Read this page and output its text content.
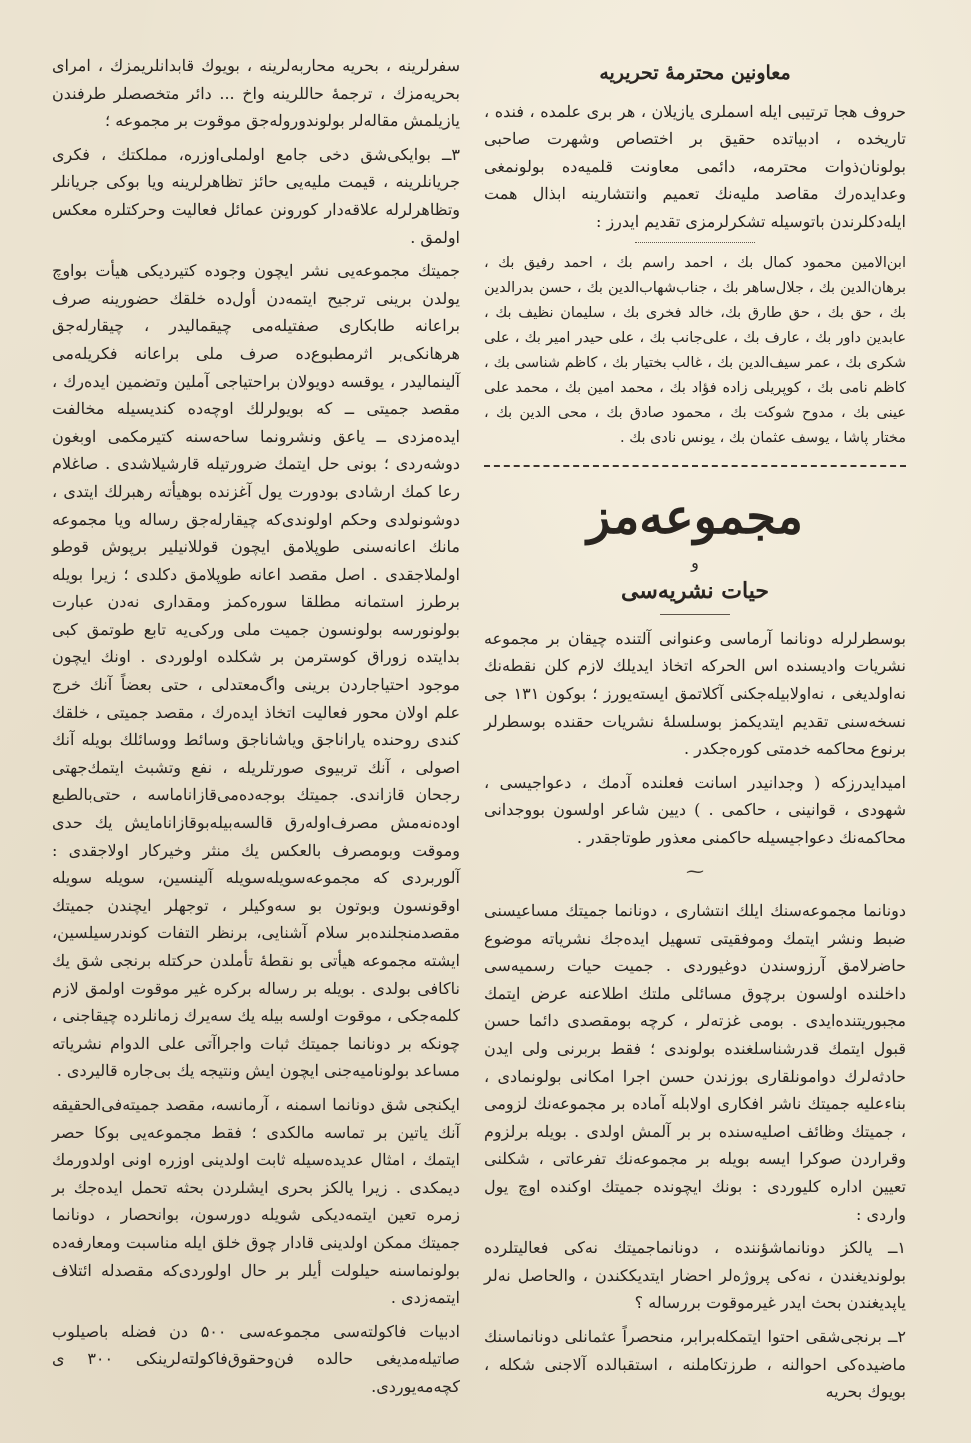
سفرلرینه ، بحریه محاربه‌لرینه ، بویوك قابدانلریمزك ، امرای بحریه‌مزك ، ترجمهٔ حاللرینه واخ ... دائر متخصصلر طرفندن یازیلمش مقاله‌لر بولوندوروله‌جق موقوت بر مجموعه ؛

۳ــ بوایکی‌شق دخی جامع اولملی‌اوزره، مملکتك ، فکری جریانلرینه ، قیمت ملیه‌یی حائز تظاهرلرینه ویا بوکی جریانلر وتظاهرلرله علاقه‌دار کورونن عمائل فعالیت وحرکتلره معکس اولمق .

جمیتك مجموعه‌یی نشر ایچون وجوده کتیردیکی هیأت بواوچ یولدن برینی ترجیح ایتمه‌دن أول‌ده خلقك حضورینه صرف براعانه طابکاری صفتیله‌می چیقمالیدر ، چیقارله‌جق هرهانکی‌بر اثرمطبوع‌ده صرف ملی براعانه فکریله‌می آلینمالیدر ، یوقسه دویولان براحتیاجی آملین وتضمین ایده‌رك ، مقصد جمیتی ــ که بویولرلك اوچه‌ده کندیسیله مخالفت ایده‌مزدی ــ یاعق ونشرونما ساحه‌سنه کتیرمکمی اوبغون دوشه‌ردی ؛ بونی حل ایتمك ضرورتیله قارشیلاشدی . صاغلام رعا کمك ارشادی بودورت یول آغزنده بوهیأته رهبرلك ایتدی ، دوشونولدی وحکم اولوندی‌که چیقارله‌جق رساله ویا مجموعه مانك اعانه‌سنی طوپلامق ایچون قوللانیلیر برپوش قوطو اولملاجقدی . اصل مقصد اعانه طوپلامق دکلدی ؛ زیرا بویله برطرز استمانه مطلقا سوره‌کمز ومقداری نه‌دن عبارت بولونورسه بولونسون جمیت ملی ورکی‌یه تابع طوتمق کبی بدایتده زوراق کوسترمن بر شکلده اولوردی . اونك ایچون موجود احتیاجاردن برینی واگ‌معتدلی ، حتی بعضاً آنك خرج علم اولان محور فعالیت اتخاذ ایده‌رك ، مقصد جمیتی ، خلقك کندی روحنده یارانا‌جق ویاشاناجق وسائط ووسائلك بویله آنك اصولی ، آنك تربیوی صورتلریله ، نفع وتشبث ایتمك‌جهتی رجحان قازاندی. جمیتك بوجه‌ده‌می‌قازاناماسه ، حتی‌بالطبع اوده‌نه‌مش مصرف‌اوله‌رق قالسه‌بیله‌بوقازانامایش یك حدی وموقت وبومصرف بالعکس یك منثر وخیرکار اولاجقدی : آلوربردی که مجموعه‌سو‌یله‌سویله آلینسین، سویله سویله اوقونسون وبوتون بو سه‌وکیلر ، توجهلر ایچندن جمیتك مقصدمنجلنده‌بر سلام آشنایی، برنظر التفات کوندرسیلسین، ایشته مجموعه هیأتی بو نقطهٔ تأملدن حرکتله برنجی شق یك ناکافی بولدی . بویله بر رساله برکره غیر موقوت اولمق لازم کلمه‌جکی ، موقوت اولسه بیله یك سه‌یرك زمانلرده چیقاجنی ، چونکه بر دونانما جمیتك ثبات واجراآتی علی الدوام نشریاته مساعد بولونامیه‌جنی ایچون ایش ونتیجه یك بی‌جاره قالیردی .

ایکنجی شق دونانما اسمنه ، آرمانسه، مقصد جمیته‌فی‌الحقیقه آنك یاتین بر تماسه مالکدی ؛ فقط مجموعه‌یی بوکا حصر ایتمك ، امثال عدیده‌سیله ثابت اولدینی اوزره اونی اولدورمك دیمکدی . زیرا یالکز بحری ایشلردن بحثه تحمل ایده‌جك بر زمره تعین ایتمه‌دیکی شویله دورسون، بوانحصار ، دونانما جمیتك ممکن اولدینی قادار چوق خلق ایله مناسبت ومعارفه‌ده بولونماسنه حیلولت أیلر بر حال اولوردی‌که مقصدله ائتلاف ایتمه‌زدی .

ادبیات فاکولته‌سی مجموعه‌سی ۵۰۰ دن فضله باصیلوب صاتیله‌مدیغی حالده فن‌وحقوق‌فاکولته‌لرینکی ۳۰۰ ی کچه‌مه‌یوردی.

معاونین محترمهٔ تحریریه

حروف هجا ترتیبی ایله اسملری یازیلان ، هر بری علمده ، فنده ، تاریخده ، ادبیاتده حقیق بر اختصاص وشهرت صاحبی بولونان‌ذوات محترمه، دائمی معاونت قلمیه‌ده بولونمغی وعدایده‌رك مقاصد ملیه‌نك تعمیم وانتشارینه ابذال همت ایله‌دکلرندن باتوسیله تشکرلرمزی تقدیم ایدرز :

ابن‌الامین محمود کمال بك ، احمد راسم بك ، احمد رفیق بك ، برهان‌الدین بك ، جلال‌ساهر بك ، جناب‌شهاب‌الدین بك ، حسن بدرالدین بك ، حق بك ، حق طارق بك، خالد فخری بك ، سلیمان نظیف بك ، عابدین داور بك ، عارف بك ، علی‌جانب بك ، علی حیدر امیر بك ، علی شکری بك ، عمر سیف‌الدین بك ، غالب بختیار بك ، کاظم شناسی بك ، کاظم نامی بك ، کوپریلی زاده فؤاد بك ، محمد امین بك ، محمد علی عینی بك ، مدوح شوکت بك ، محمود صادق بك ، محی الدین بك ، مختار پاشا ، یوسف عثمان بك ، یونس نادی بك .

مجموعه‌مز
و
حیات نشریه‌سی

بوسطرلرله دونانما آرماسی وعنوانی آلتنده چیقان بر مجموعه‌ نشریات وادیسنده اس الحرکه اتخاذ ایدیلك لازم کلن نقطه‌نك نه‌اولدیغی ، نه‌اولابیله‌جکنی آکلاتمق ایسته‌یورز ؛ بوکون ۱۳۱ جی نسخه‌سنی تقدیم ایتدیکمز بوسلسلهٔ نشریات حقنده بوسطرلر برنوع محاکمه خدمتی کوره‌جکدر .

امیدایدرزکه ( وجدانیدر اسانت فعلنده آدمك ، دعواجیسی ، شهودی ، قوانینی ، حاکمی . ) دیین شاعر اولسون بووجدانی محاکمه‌نك دعواجیسیله حاکمنی معذور طوتاجقدر .

⁓

دونانما مجموعه‌سنك ایلك انتشاری ، دونانما جمیتك مساعیسنی ضبط ونشر ایتمك وموفقیتی تسهیل ایده‌جك نشریاته موضوع حاضرلامق آرزوسندن دوغیوردی . جمیت حیات رسمیه‌سی داخلنده اولسون برچوق مسائلی ملتك اطلاعنه عرض ایتمك مجبوریتنده‌ایدی . بومی غزته‌لر ، کرچه بومقصدی دائما حسن قبول ایتمك قدرشناسلغنده بولوندی ؛ فقط بربرنی ولی ایدن حادثه‌لرك دوامونلقاری بوزندن حسن اجرا امکانی بولونمادی ، بناءعلیه جمیتك ناشر افکاری اولابله آماده بر مجموعه‌نك لزومی ، جمیتك وظائف اصلیه‌سنده بر بر آلمش اولدی . بویله برلزوم وقراردن صوکرا ایسه بویله بر مجموعه‌نك تفرعاتی ، شکلنی تعیین اداره کلیوردی : بونك ایچونده جمیتك اوکنده اوچ یول واردی :

۱ــ یالکز دونانماشؤننده ، دونانماجمیتك نه‌کی فعالیتلرده بولوندیغندن ، نه‌کی پروژه‌لر احضار ایتدیککندن ، والحاصل نه‌لر یاپدیغندن بحث ایدر غیرموقوت بررساله ؟

۲ــ برنجی‌شقی احتوا ایتمکله‌برابر، منحصراً عثمانلی دونانماسنك ماضیده‌کی احوالنه ، طرزتکاملنه ، استقبالده آلاجنی شکله ، بویوك بحریه
